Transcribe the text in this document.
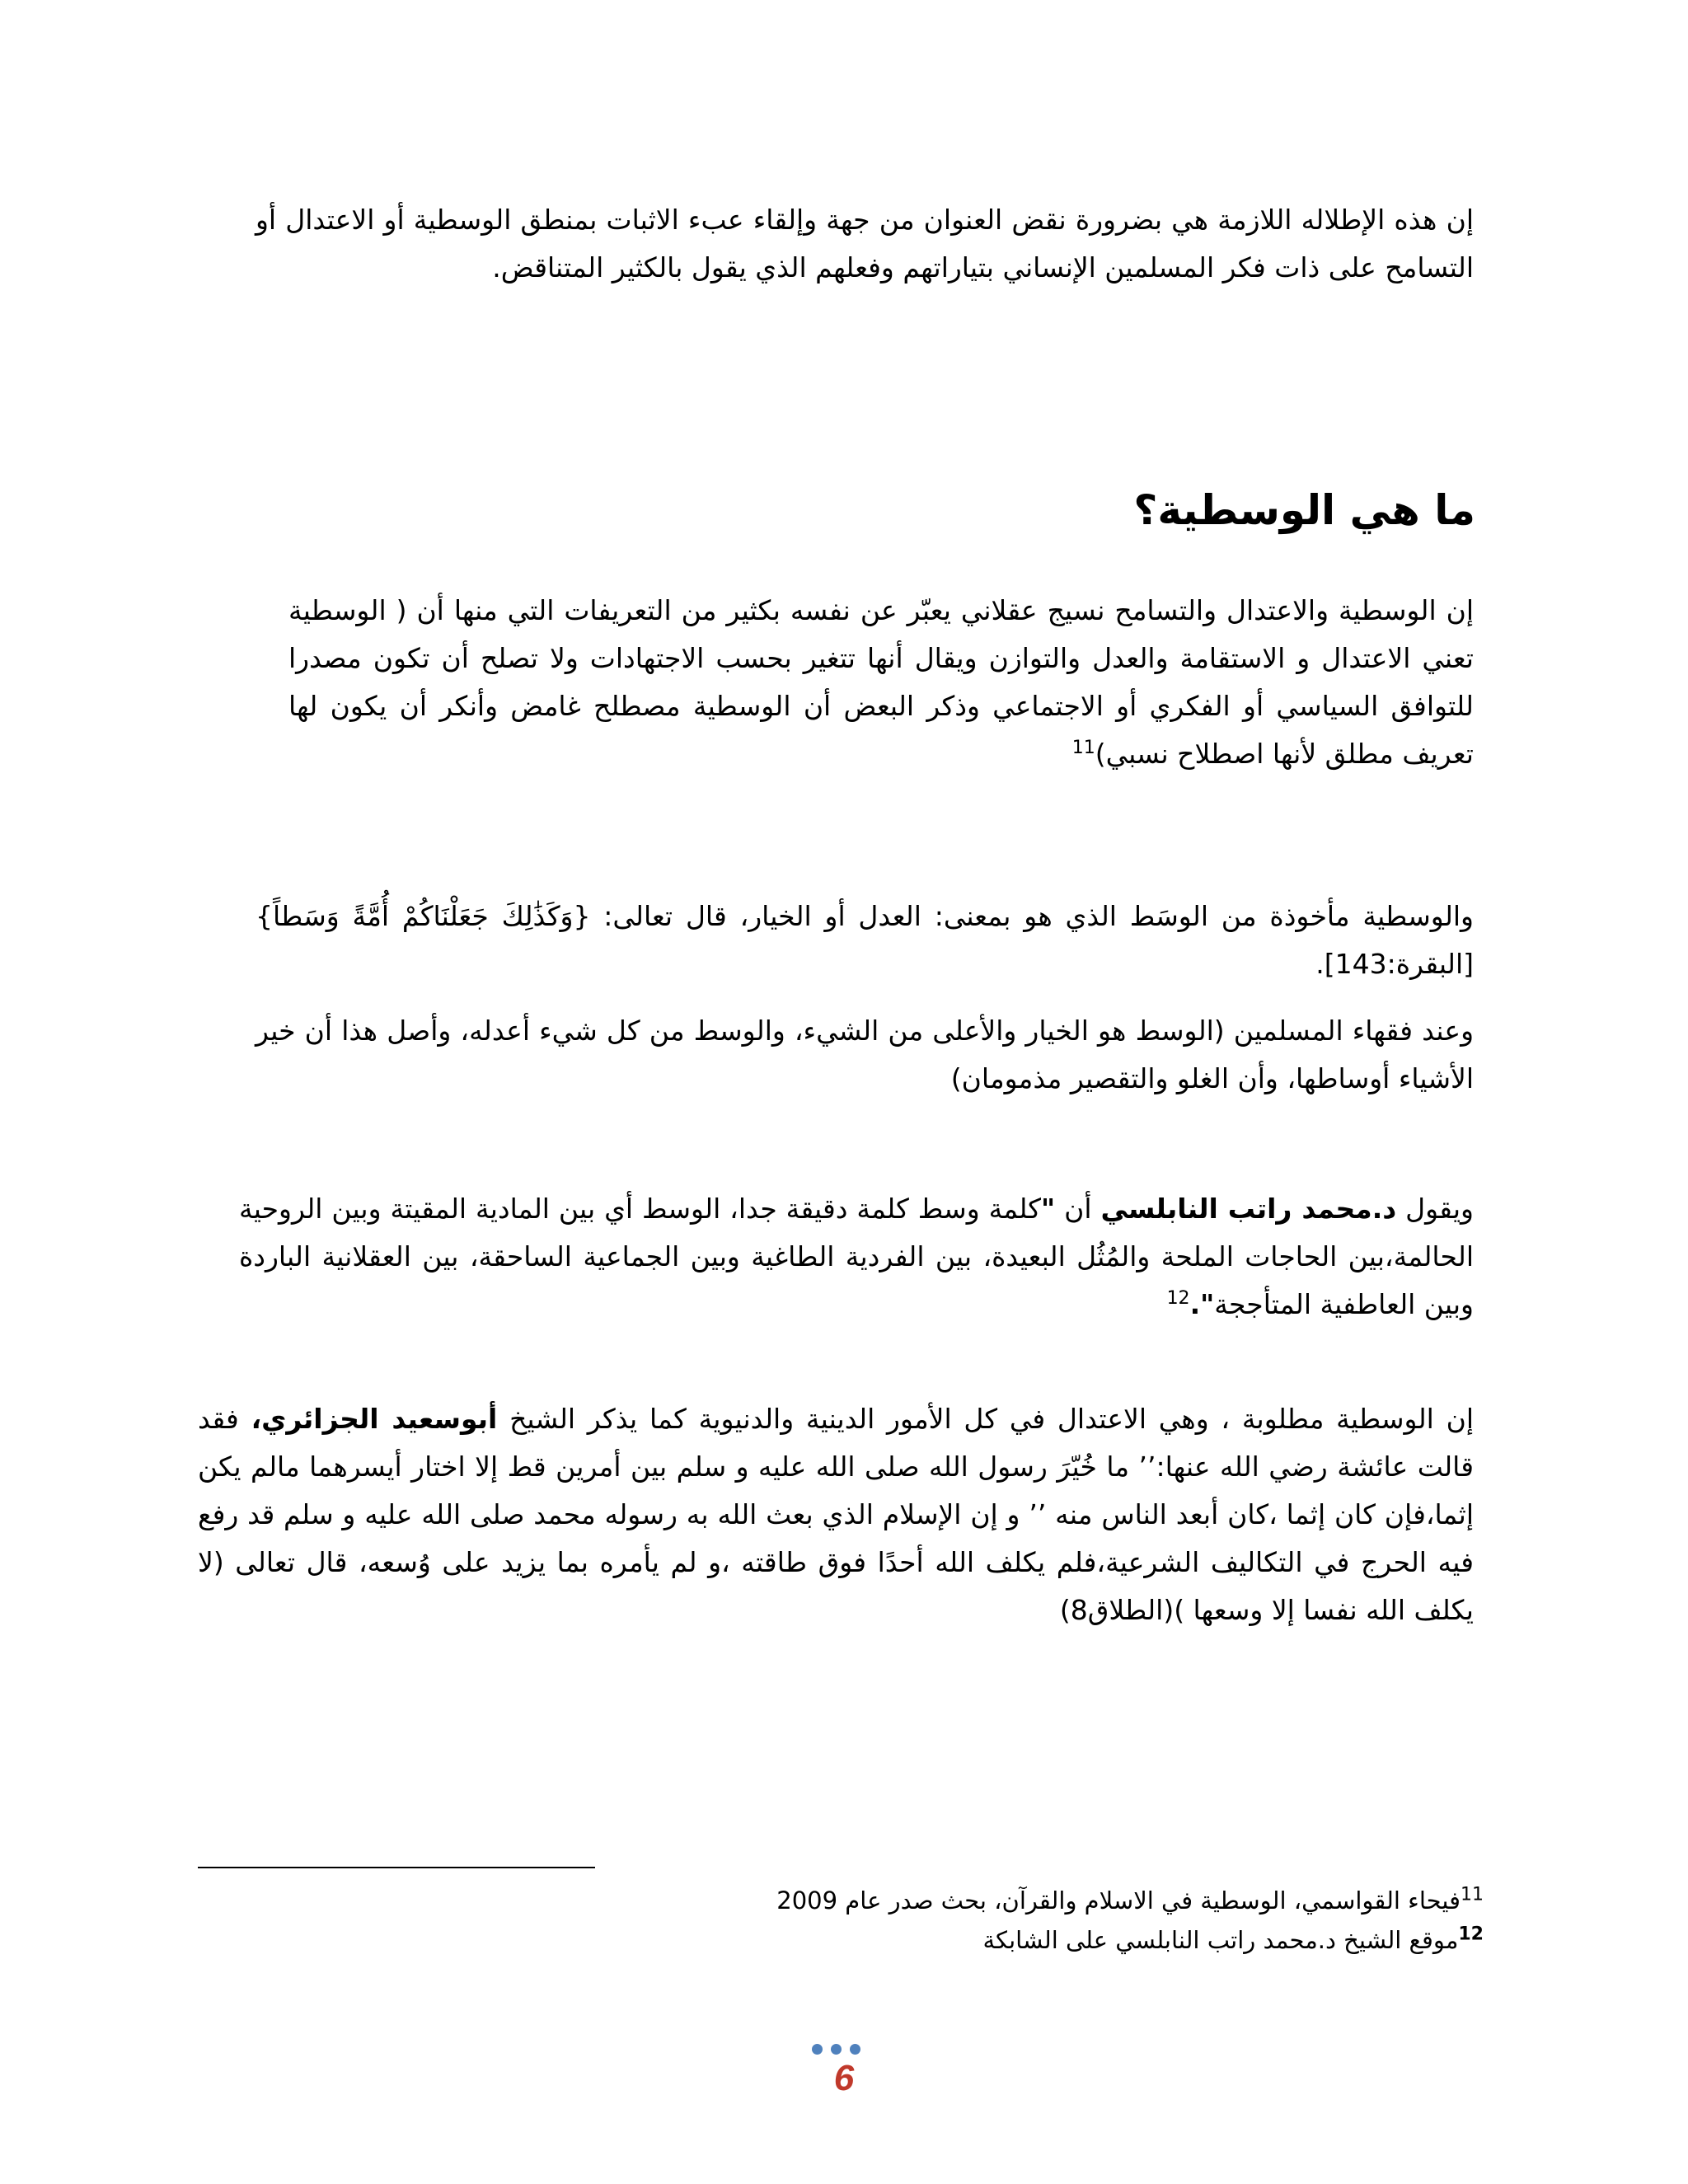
إن هذه الإطلاله اللازمة هي بضرورة نقض العنوان من جهة وإلقاء عبء الاثبات بمنطق الوسطية أو الاعتدال أو التسامح على ذات فكر المسلمين الإنساني بتياراتهم وفعلهم الذي يقول بالكثير المتناقض.

ما هي الوسطية؟

إن الوسطية والاعتدال والتسامح نسيج عقلاني يعبّر عن نفسه بكثير من التعريفات التي منها أن ( الوسطية تعني الاعتدال و الاستقامة والعدل والتوازن ويقال أنها تتغير بحسب الاجتهادات ولا تصلح أن تكون مصدرا للتوافق السياسي أو الفكري أو الاجتماعي وذكر البعض أن الوسطية مصطلح غامض وأنكر أن يكون لها تعريف مطلق لأنها اصطلاح نسبي)$^{11}$

والوسطية مأخوذة من الوسَط الذي هو بمعنى: العدل أو الخيار، قال تعالى: {وَكَذَٰلِكَ جَعَلْنَاكُمْ أُمَّةً وَسَطاً} [البقرة:143].

وعند فقهاء المسلمين (الوسط هو الخيار والأعلى من الشيء، والوسط من كل شيء أعدله، وأصل هذا أن خير الأشياء أوساطها، وأن الغلو والتقصير مذمومان)

ويقول د.محمد راتب النابلسي أن "كلمة وسط كلمة دقيقة جدا، الوسط أي بين المادية المقيتة وبين الروحية الحالمة،بين الحاجات الملحة والمُثُل البعيدة، بين الفردية الطاغية وبين الجماعية الساحقة، بين العقلانية الباردة وبين العاطفية المتأججة".$^{12}$

إن الوسطية مطلوبة ، وهي الاعتدال في كل الأمور الدينية والدنيوية كما يذكر الشيخ أبوسعيد الجزائري، فقد قالت عائشة رضي الله عنها:’’ ما خُيّرَ رسول الله صلى الله عليه و سلم بين أمرين قط إلا اختار أيسرهما مالم يكن إثما،فإن كان إثما ،كان أبعد الناس منه ’’ و إن الإسلام الذي بعث الله به رسوله محمد صلى الله عليه و سلم قد رفع فيه الحرج في التكاليف الشرعية،فلم يكلف الله أحدًا فوق طاقته ،و لم يأمره بما يزيد على وُسعه، قال تعالى (لا يكلف الله نفسا إلا وسعها )(الطلاق8)

$^{11}$فيحاء القواسمي، الوسطية في الاسلام والقرآن، بحث صدر عام 2009

$^{12}$موقع الشيخ د.محمد راتب النابلسي على الشابكة

6
